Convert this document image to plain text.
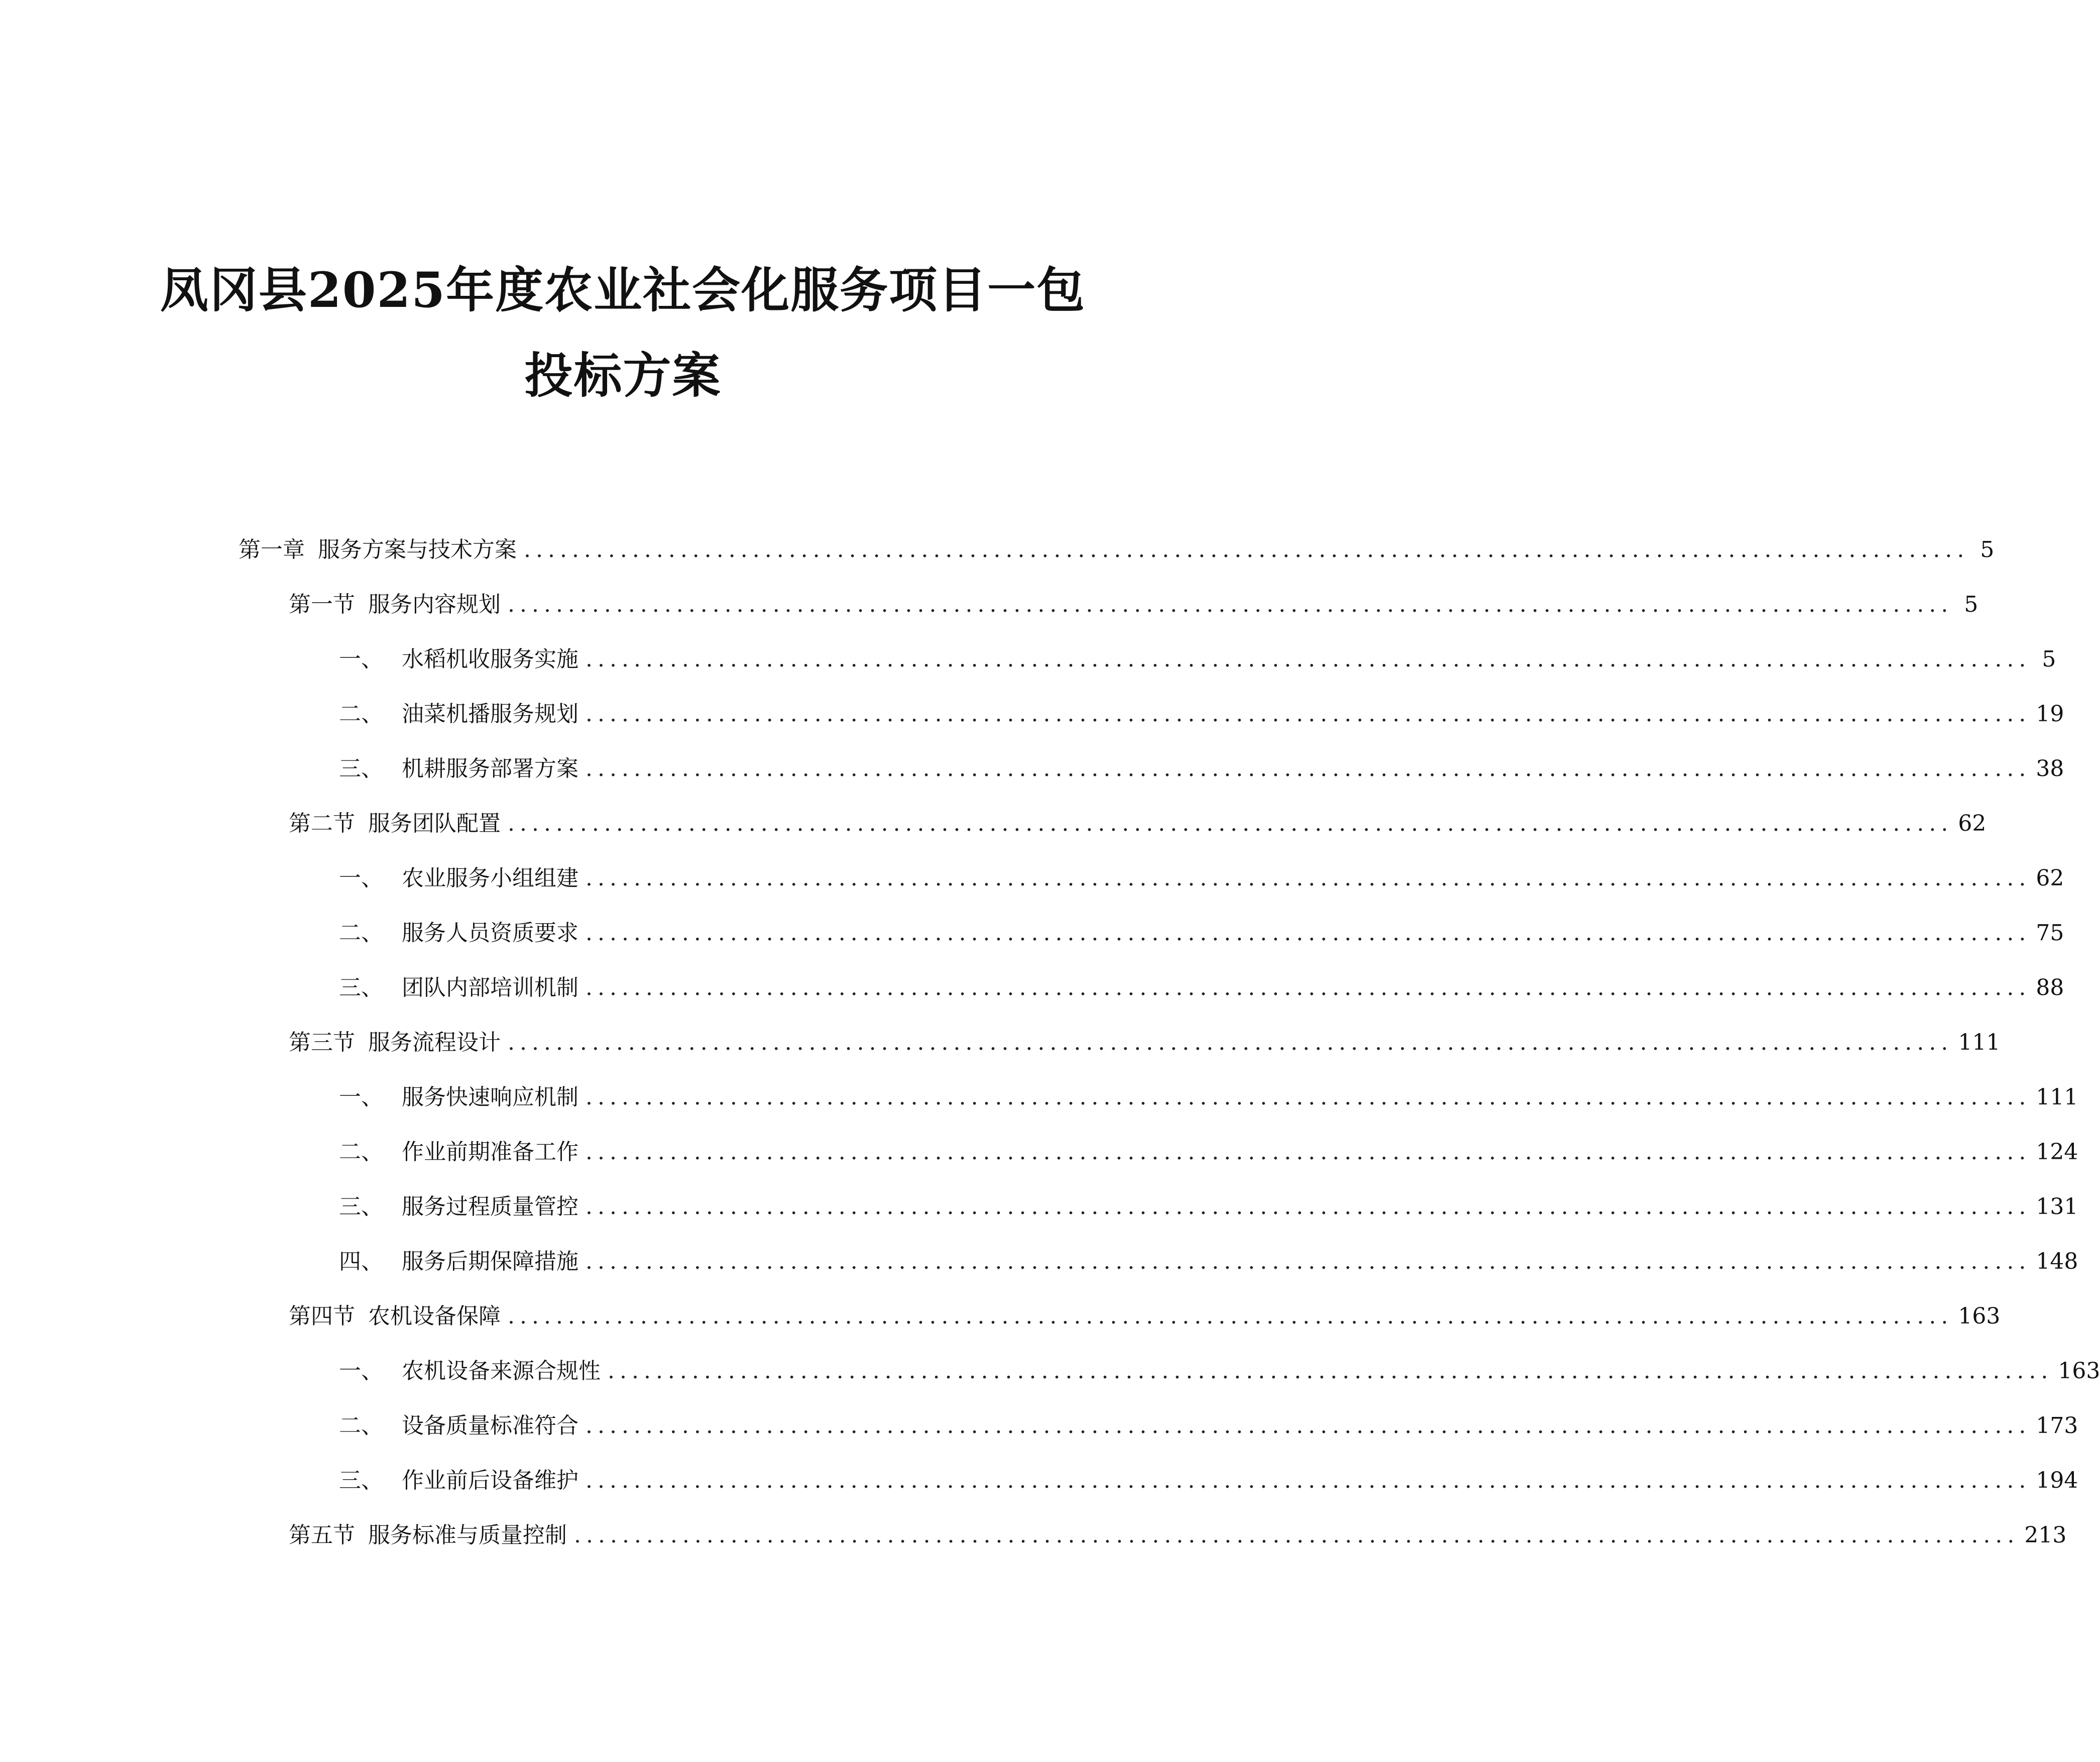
凤冈县2025年度农业社会化服务项目一包
投标方案
第一章 服务方案与技术方案 ........................................................................................................................ 5
第一节 服务内容规划 ........................................................................................................................ 5
一、 水稻机收服务实施 ........................................................................................................................ 5
二、 油菜机播服务规划 ........................................................................................................................ 19
三、 机耕服务部署方案 ........................................................................................................................ 38
第二节 服务团队配置 ........................................................................................................................ 62
一、 农业服务小组组建 ........................................................................................................................ 62
二、 服务人员资质要求 ........................................................................................................................ 75
三、 团队内部培训机制 ........................................................................................................................ 88
第三节 服务流程设计 ........................................................................................................................ 111
一、 服务快速响应机制 ........................................................................................................................ 111
二、 作业前期准备工作 ........................................................................................................................ 124
三、 服务过程质量管控 ........................................................................................................................ 131
四、 服务后期保障措施 ........................................................................................................................ 148
第四节 农机设备保障 ........................................................................................................................ 163
一、 农机设备来源合规性 ........................................................................................................................ 163
二、 设备质量标准符合 ........................................................................................................................ 173
三、 作业前后设备维护 ........................................................................................................................ 194
第五节 服务标准与质量控制 ........................................................................................................................ 213
